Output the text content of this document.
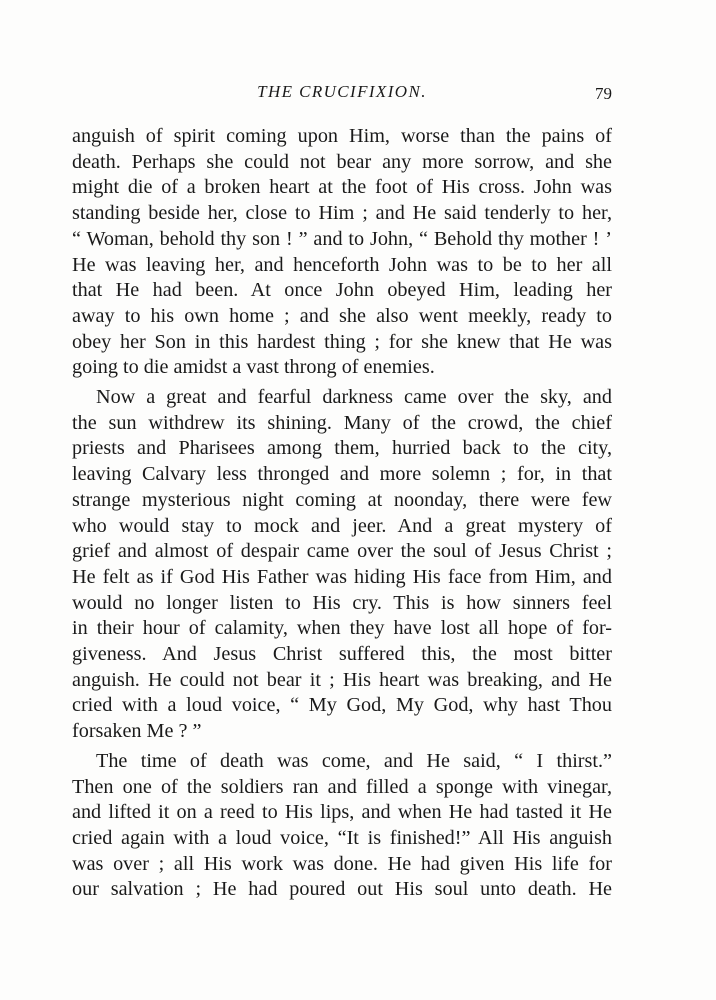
THE CRUCIFIXION.	79

anguish of spirit coming upon Him, worse than the pains of
death. Perhaps she could not bear any more sorrow, and she
might die of a broken heart at the foot of His cross. John was
standing beside her, close to Him ; and He said tenderly to her,
“ Woman, behold thy son ! ” and to John, “ Behold thy mother ! ’
He was leaving her, and henceforth John was to be to her all
that He had been. At once John obeyed Him, leading her
away to his own home ; and she also went meekly, ready to
obey her Son in this hardest thing ; for she knew that He was
going to die amidst a vast throng of enemies.

Now a great and fearful darkness came over the sky, and
the sun withdrew its shining. Many of the crowd, the chief
priests and Pharisees among them, hurried back to the city,
leaving Calvary less thronged and more solemn ; for, in that
strange mysterious night coming at noonday, there were few
who would stay to mock and jeer. And a great mystery of
grief and almost of despair came over the soul of Jesus Christ ;
He felt as if God His Father was hiding His face from Him, and
would no longer listen to His cry. This is how sinners feel
in their hour of calamity, when they have lost all hope of for-
giveness. And Jesus Christ suffered this, the most bitter
anguish. He could not bear it ; His heart was breaking, and He
cried with a loud voice, “ My God, My God, why hast Thou
forsaken Me ? ”

The time of death was come, and He said, “ I thirst.”
Then one of the soldiers ran and filled a sponge with vinegar,
and lifted it on a reed to His lips, and when He had tasted it He
cried again with a loud voice, “It is finished!” All His anguish
was over ; all His work was done. He had given His life for
our salvation ; He had poured out His soul unto death. He
